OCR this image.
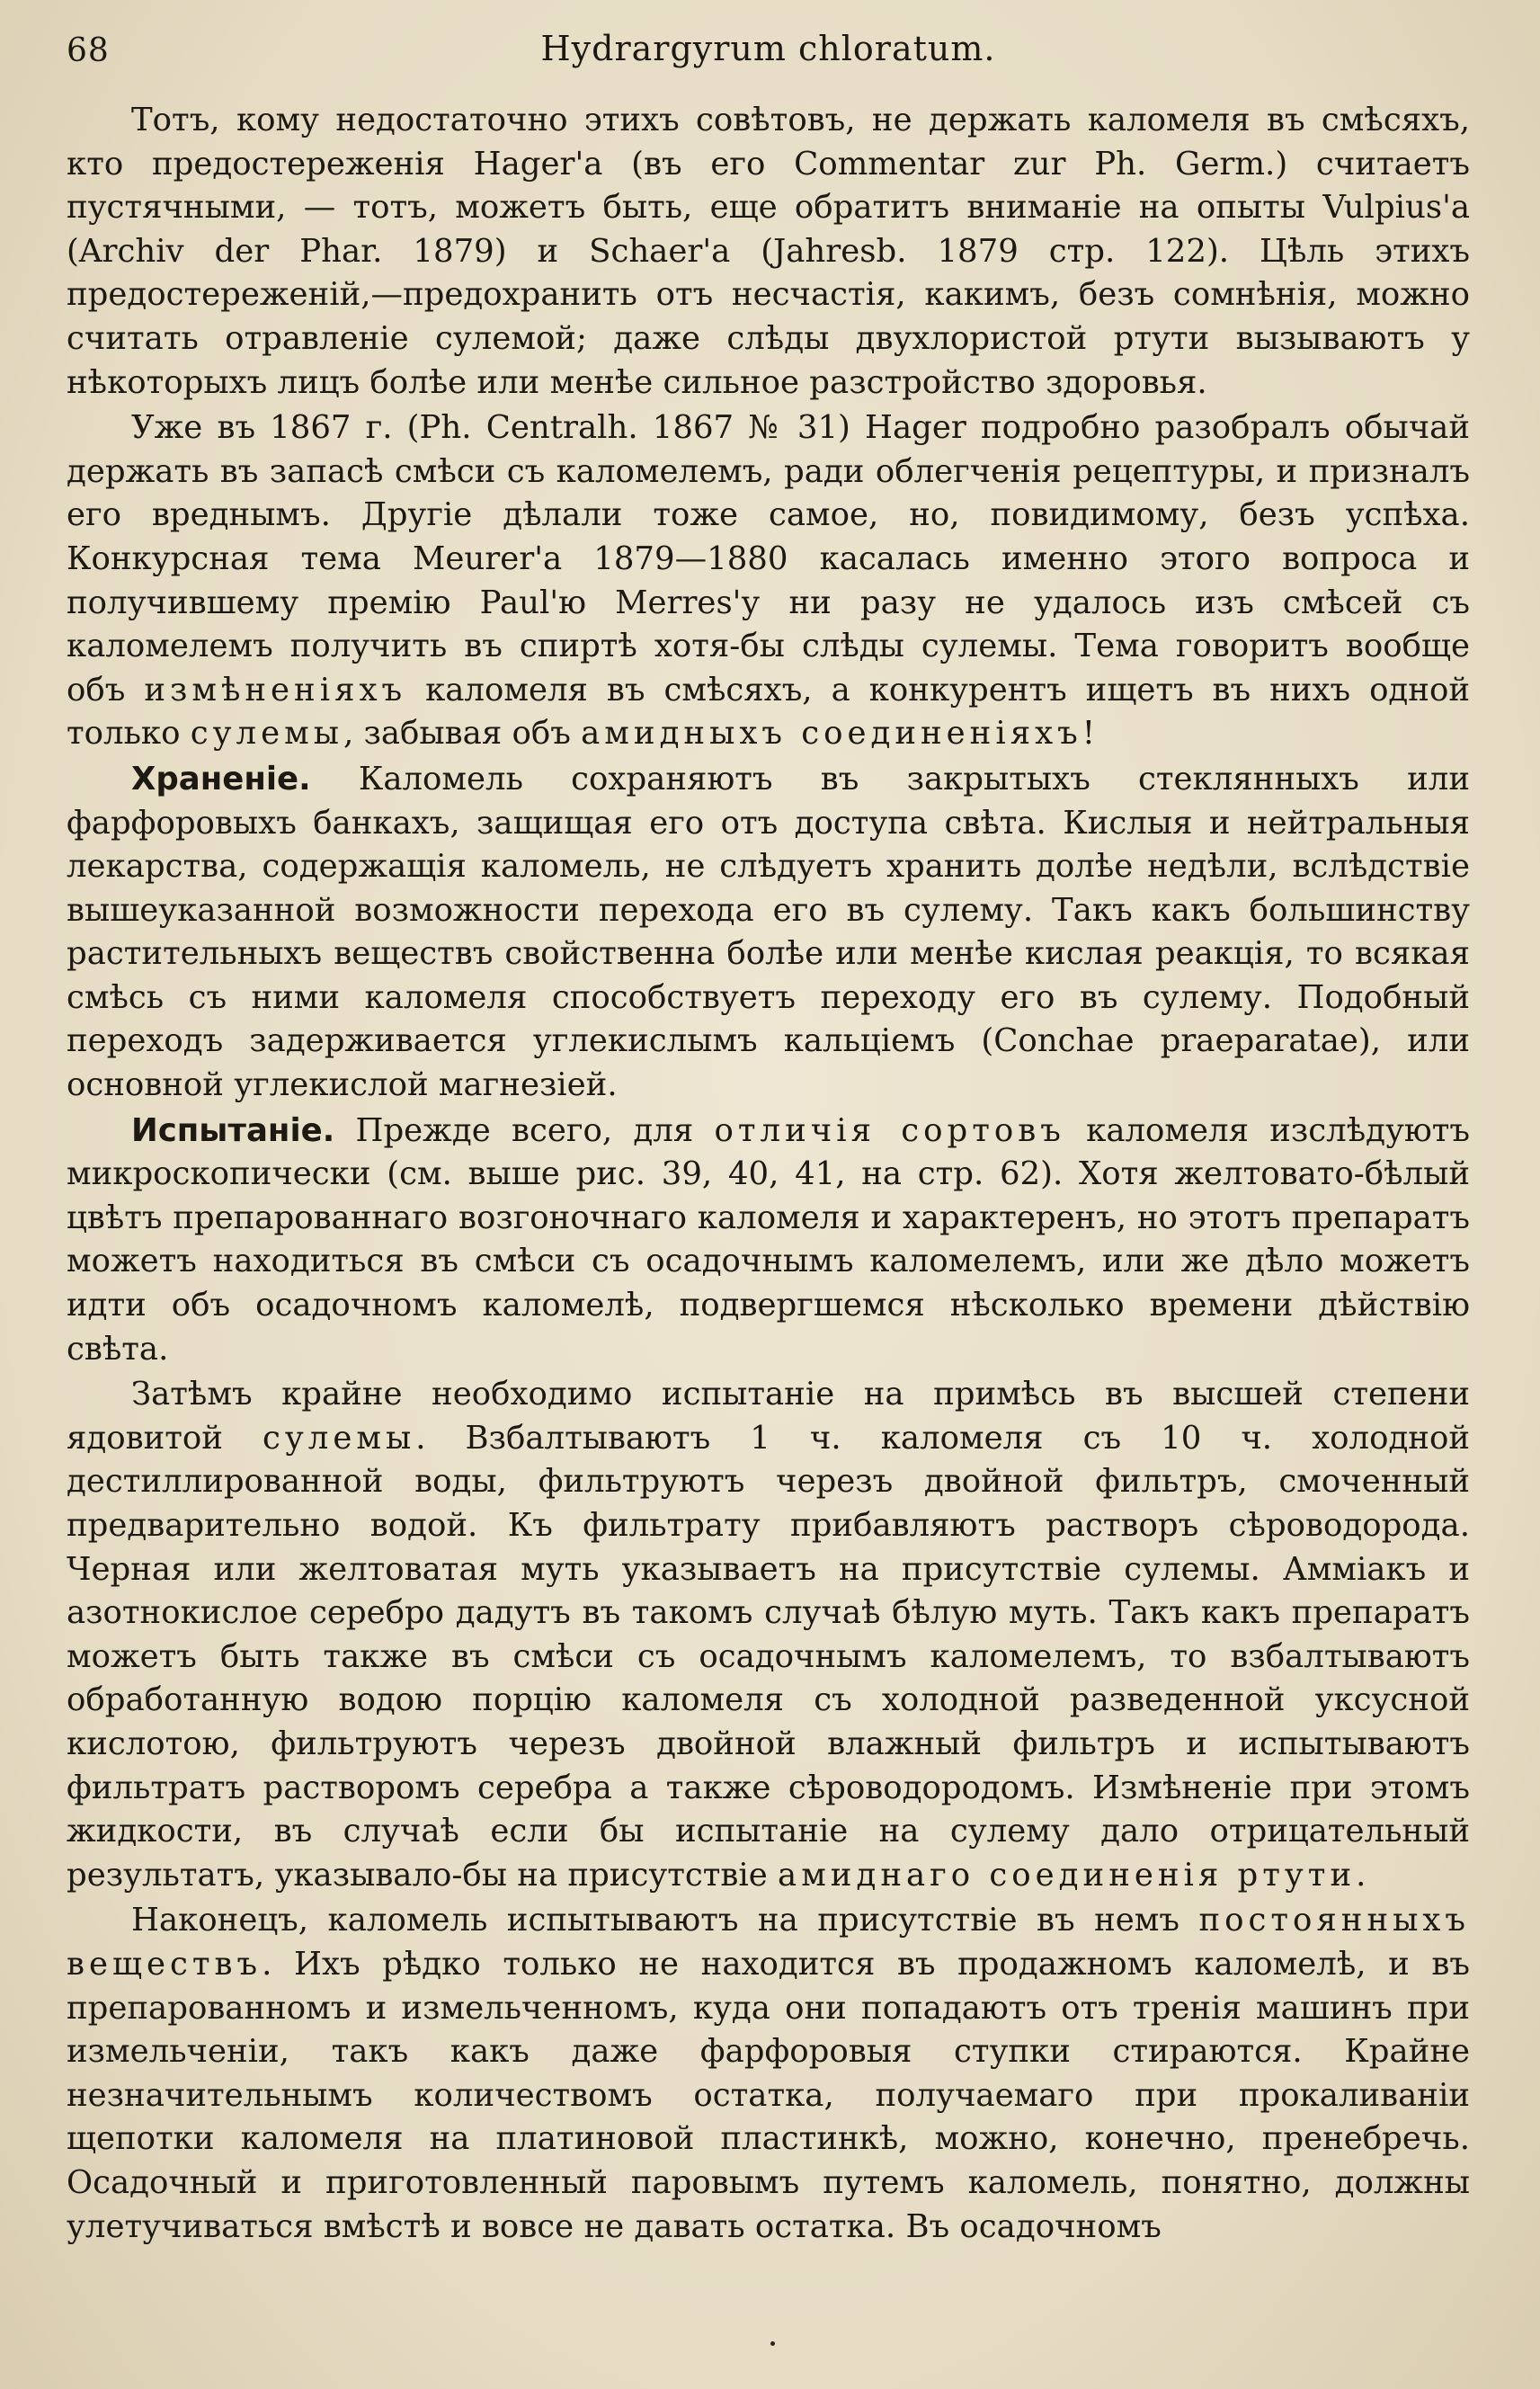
68	Hydrargyrum chloratum.

Тотъ, кому недостаточно этихъ совѣтовъ, не держать каломеля въ смѣсяхъ, кто предостереженія Hager'а (въ его Commentar zur Ph. Germ.) считаетъ пустячными, — тотъ, можетъ быть, еще обратитъ вниманіе на опыты Vulpius'а (Archiv der Phar. 1879) и Schaer'а (Jahresb. 1879 стр. 122). Цѣль этихъ предостереженій,—предохранить отъ несчастія, какимъ, безъ сомнѣнія, можно считать отравленіе сулемой; даже слѣды двухлористой ртути вызываютъ у нѣкоторыхъ лицъ болѣе или менѣе сильное разстройство здоровья.

Уже въ 1867 г. (Ph. Centralh. 1867 № 31) Hager подробно разобралъ обычай держать въ запасѣ смѣси съ каломелемъ, ради облегченія рецептуры, и призналъ его вреднымъ. Другіе дѣлали тоже самое, но, повидимому, безъ успѣха. Конкурсная тема Meurer'а 1879—1880 касалась именно этого вопроса и получившему премію Paul'ю Merres'у ни разу не удалось изъ смѣсей съ каломелемъ получить въ спиртѣ хотя-бы слѣды сулемы. Тема говоритъ вообще объ измѣненіяхъ каломеля въ смѣсяхъ, а конкурентъ ищетъ въ нихъ одной только сулемы, забывая объ амидныхъ соединеніяхъ!

Храненіе. Каломель сохраняютъ въ закрытыхъ стеклянныхъ или фарфоровыхъ банкахъ, защищая его отъ доступа свѣта. Кислыя и нейтральныя лекарства, содержащія каломель, не слѣдуетъ хранить долѣе недѣли, вслѣдствіе вышеуказанной возможности перехода его въ сулему. Такъ какъ большинству растительныхъ веществъ свойственна болѣе или менѣе кислая реакція, то всякая смѣсь съ ними каломеля способствуетъ переходу его въ сулему. Подобный переходъ задерживается углекислымъ кальціемъ (Conchae praeparatae), или основной углекислой магнезіей.

Испытаніе. Прежде всего, для отличія сортовъ каломеля изслѣдуютъ микроскопически (см. выше рис. 39, 40, 41, на стр. 62). Хотя желтовато-бѣлый цвѣтъ препарованнаго возгоночнаго каломеля и характеренъ, но этотъ препаратъ можетъ находиться въ смѣси съ осадочнымъ каломелемъ, или же дѣло можетъ идти объ осадочномъ каломелѣ, подвергшемся нѣсколько времени дѣйствію свѣта.

Затѣмъ крайне необходимо испытаніе на примѣсь въ высшей степени ядовитой сулемы. Взбалтываютъ 1 ч. каломеля съ 10 ч. холодной дестиллированной воды, фильтруютъ черезъ двойной фильтръ, смоченный предварительно водой. Къ фильтрату прибавляютъ растворъ сѣроводорода. Черная или желтоватая муть указываетъ на присутствіе сулемы. Амміакъ и азотнокислое серебро дадутъ въ такомъ случаѣ бѣлую муть. Такъ какъ препаратъ можетъ быть также въ смѣси съ осадочнымъ каломелемъ, то взбалтываютъ обработанную водою порцію каломеля съ холодной разведенной уксусной кислотою, фильтруютъ черезъ двойной влажный фильтръ и испытываютъ фильтратъ растворомъ серебра а также сѣроводородомъ. Измѣненіе при этомъ жидкости, въ случаѣ если бы испытаніе на сулему дало отрицательный результатъ, указывало-бы на присутствіе амиднаго соединенія ртути.

Наконецъ, каломель испытываютъ на присутствіе въ немъ постоянныхъ веществъ. Ихъ рѣдко только не находится въ продажномъ каломелѣ, и въ препарованномъ и измельченномъ, куда они попадаютъ отъ тренія машинъ при измельченіи, такъ какъ даже фарфоровыя ступки стираются. Крайне незначительнымъ количествомъ остатка, получаемаго при прокаливаніи щепотки каломеля на платиновой пластинкѣ, можно, конечно, пренебречь. Осадочный и приготовленный паровымъ путемъ каломель, понятно, должны улетучиваться вмѣстѣ и вовсе не давать остатка. Въ осадочномъ
